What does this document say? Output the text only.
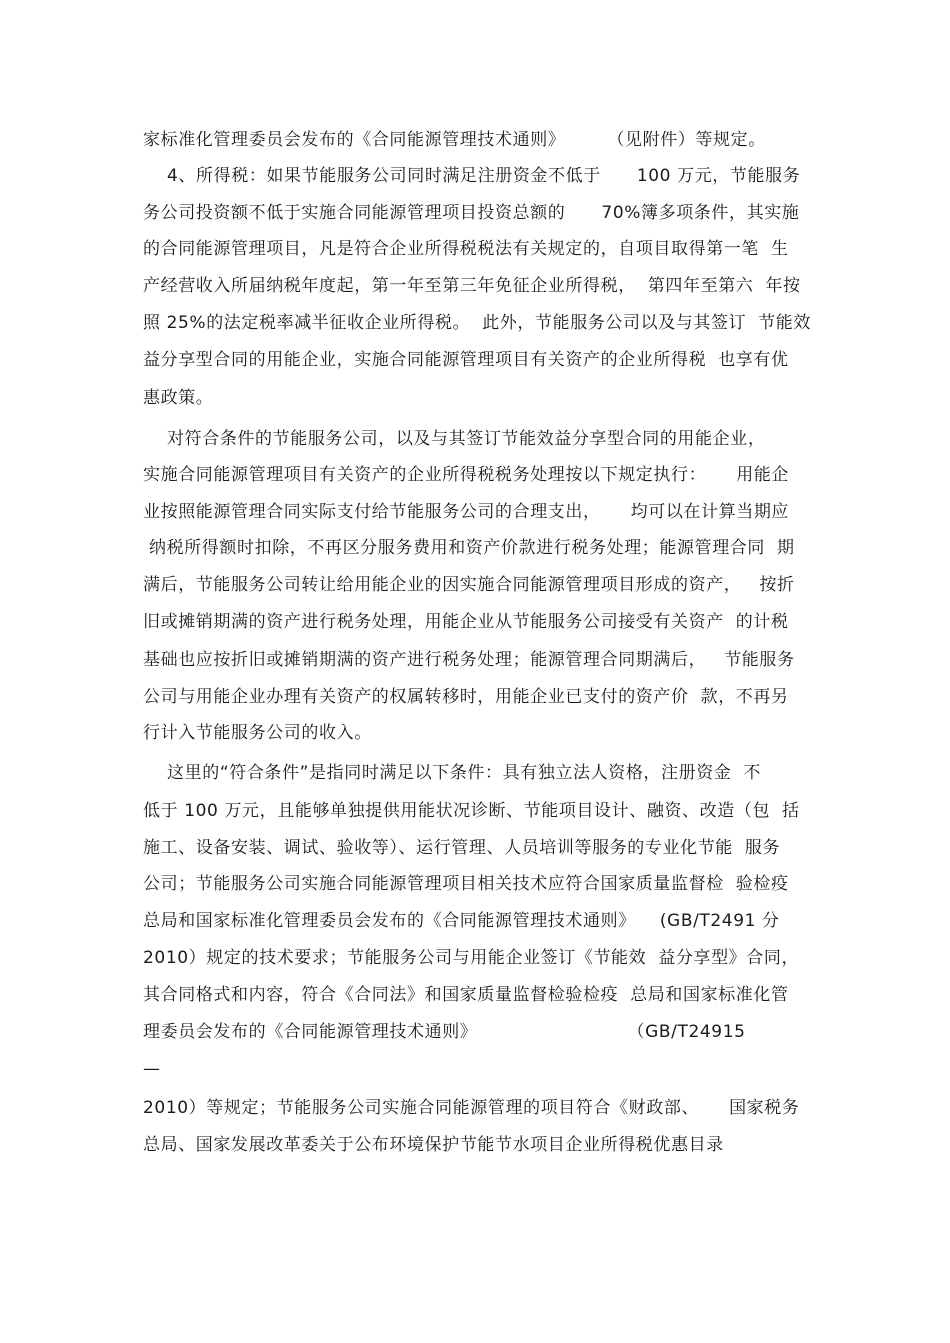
家标准化管理委员会发布的《合同能源管理技术通则》       （见附件）等规定。
4、所得税：如果节能服务公司同时满足注册资金不低于      100 万元，节能服务
务公司投资额不低于实施合同能源管理项目投资总额的      70%簿多项条件，其实施
的合同能源管理项目，凡是符合企业所得税税法有关规定的，自项目取得第一笔  生
产经营收入所届纳税年度起，第一年至第三年免征企业所得税，  第四年至第六  年按
照 25%的法定税率减半征收企业所得税。  此外，节能服务公司以及与其签订  节能效
益分享型合同的用能企业，实施合同能源管理项目有关资产的企业所得税  也享有优
惠政策。
对符合条件的节能服务公司，以及与其签订节能效益分享型合同的用能企业，
实施合同能源管理项目有关资产的企业所得税税务处理按以下规定执行：     用能企
业按照能源管理合同实际支付给节能服务公司的合理支出，     均可以在计算当期应
纳税所得额时扣除，不再区分服务费用和资产价款进行税务处理；能源管理合同  期
满后，节能服务公司转让给用能企业的因实施合同能源管理项目形成的资产，   按折
旧或摊销期满的资产进行税务处理，用能企业从节能服务公司接受有关资产  的计税
基础也应按折旧或摊销期满的资产进行税务处理；能源管理合同期满后，   节能服务
公司与用能企业办理有关资产的权属转移时，用能企业已支付的资产价  款，不再另
行计入节能服务公司的收入。
这里的“符合条件”是指同时满足以下条件：具有独立法人资格，注册资金  不
低于 100 万元，且能够单独提供用能状况诊断、节能项目设计、融资、改造（包  括
施工、设备安装、调试、验收等）、运行管理、人员培训等服务的专业化节能  服务
公司；节能服务公司实施合同能源管理项目相关技术应符合国家质量监督检  验检疫
总局和国家标准化管理委员会发布的《合同能源管理技术通则》    (GB/T2491 分
2010）规定的技术要求；节能服务公司与用能企业签订《节能效  益分享型》合同，
其合同格式和内容，符合《合同法》和国家质量监督检验检疫  总局和国家标准化管
理委员会发布的《合同能源管理技术通则》                         （GB/T24915
—
2010）等规定；节能服务公司实施合同能源管理的项目符合《财政部、     国家税务
总局、国家发展改革委关于公布环境保护节能节水项目企业所得税优惠目录
